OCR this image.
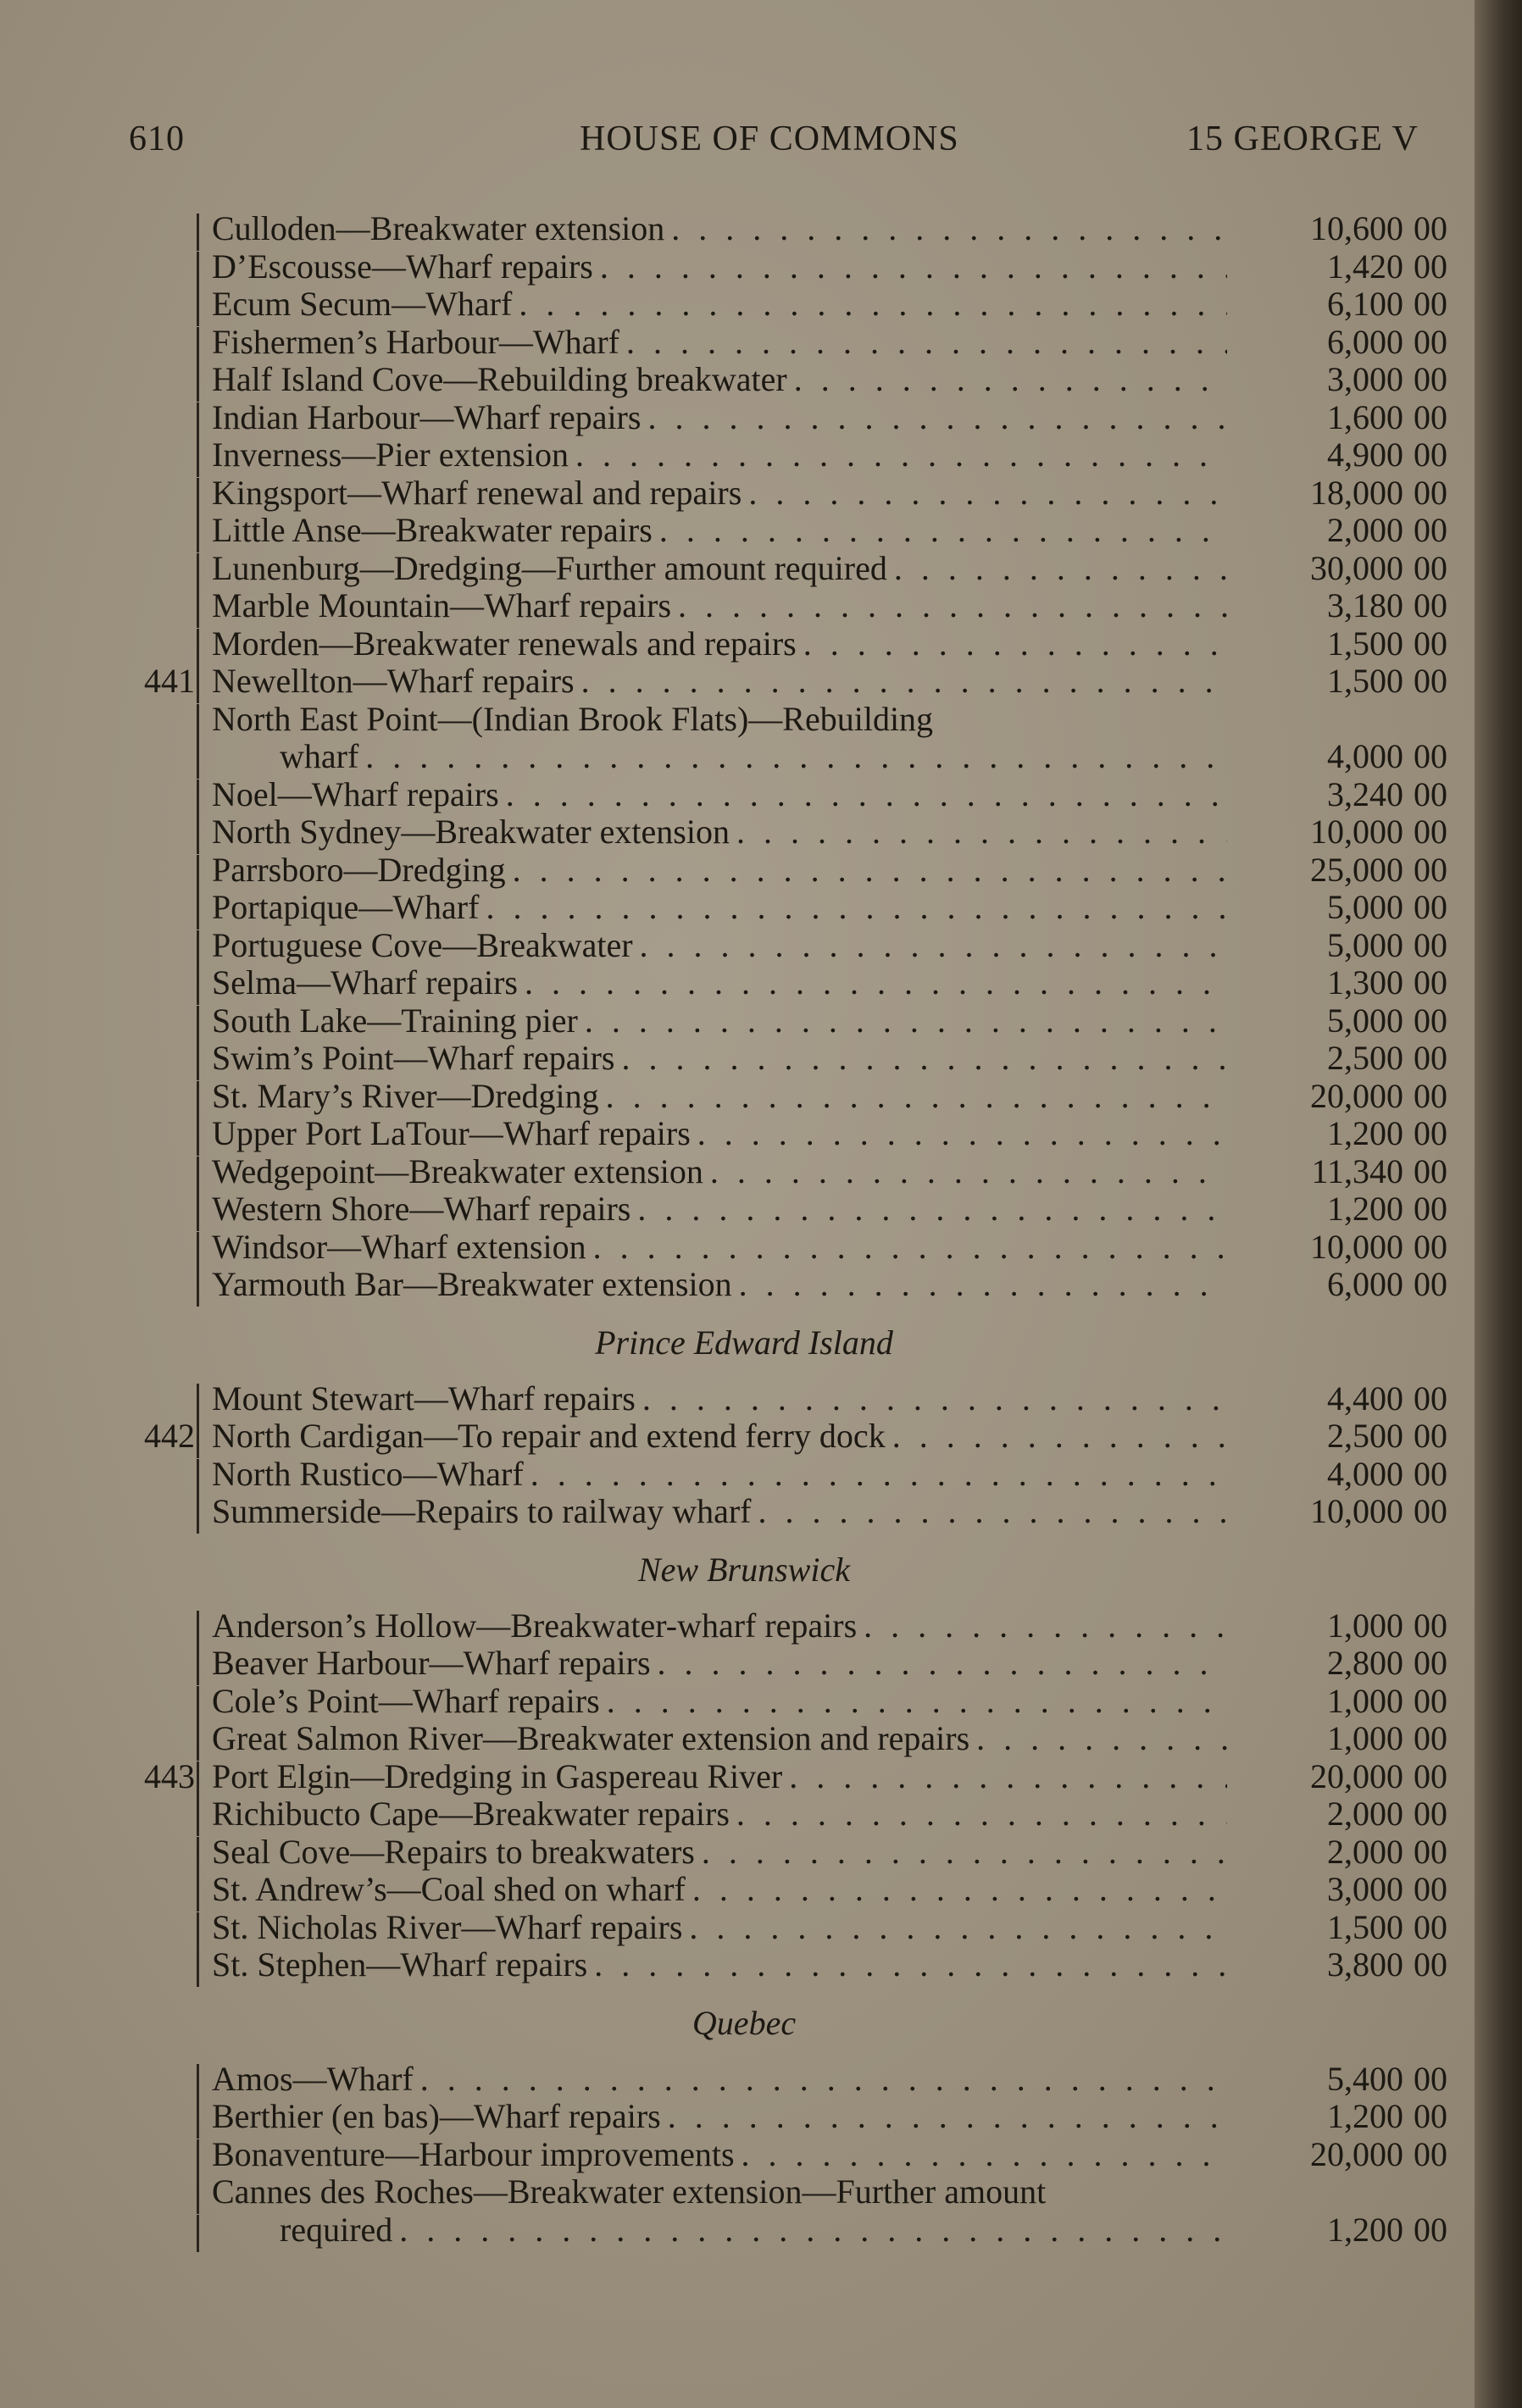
610	HOUSE OF COMMONS	15 GEORGE V
Culloden—Breakwater extension . . .	10,600 00
D’Escousse—Wharf repairs . . .	1,420 00
Ecum Secum—Wharf . . .	6,100 00
Fishermen’s Harbour—Wharf . . .	6,000 00
Half Island Cove—Rebuilding breakwater . . .	3,000 00
Indian Harbour—Wharf repairs . . .	1,600 00
Inverness—Pier extension . . .	4,900 00
Kingsport—Wharf renewal and repairs . . .	18,000 00
Little Anse—Breakwater repairs . . .	2,000 00
Lunenburg—Dredging—Further amount required . . .	30,000 00
Marble Mountain—Wharf repairs . . .	3,180 00
Morden—Breakwater renewals and repairs . . .	1,500 00
441 Newellton—Wharf repairs . . .	1,500 00
North East Point—(Indian Brook Flats)—Rebuilding
wharf . . .	4,000 00
Noel—Wharf repairs . . .	3,240 00
North Sydney—Breakwater extension . . .	10,000 00
Parrsboro—Dredging . . .	25,000 00
Portapique—Wharf . . .	5,000 00
Portuguese Cove—Breakwater . . .	5,000 00
Selma—Wharf repairs . . .	1,300 00
South Lake—Training pier . . .	5,000 00
Swim’s Point—Wharf repairs . . .	2,500 00
St. Mary’s River—Dredging . . .	20,000 00
Upper Port LaTour—Wharf repairs . . .	1,200 00
Wedgepoint—Breakwater extension . . .	11,340 00
Western Shore—Wharf repairs . . .	1,200 00
Windsor—Wharf extension . . .	10,000 00
Yarmouth Bar—Breakwater extension . . .	6,000 00
Prince Edward Island
Mount Stewart—Wharf repairs . . .	4,400 00
442 North Cardigan—To repair and extend ferry dock . . .	2,500 00
North Rustico—Wharf . . .	4,000 00
Summerside—Repairs to railway wharf . . .	10,000 00
New Brunswick
Anderson’s Hollow—Breakwater-wharf repairs . . .	1,000 00
Beaver Harbour—Wharf repairs . . .	2,800 00
Cole’s Point—Wharf repairs . . .	1,000 00
Great Salmon River—Breakwater extension and repairs . . .	1,000 00
443 Port Elgin—Dredging in Gaspereau River . . .	20,000 00
Richibucto Cape—Breakwater repairs . . .	2,000 00
Seal Cove—Repairs to breakwaters . . .	2,000 00
St. Andrew’s—Coal shed on wharf . . .	3,000 00
St. Nicholas River—Wharf repairs . . .	1,500 00
St. Stephen—Wharf repairs . . .	3,800 00
Quebec
Amos—Wharf . . .	5,400 00
Berthier (en bas)—Wharf repairs . . .	1,200 00
Bonaventure—Harbour improvements . . .	20,000 00
Cannes des Roches—Breakwater extension—Further amount
required . . .	1,200 00
